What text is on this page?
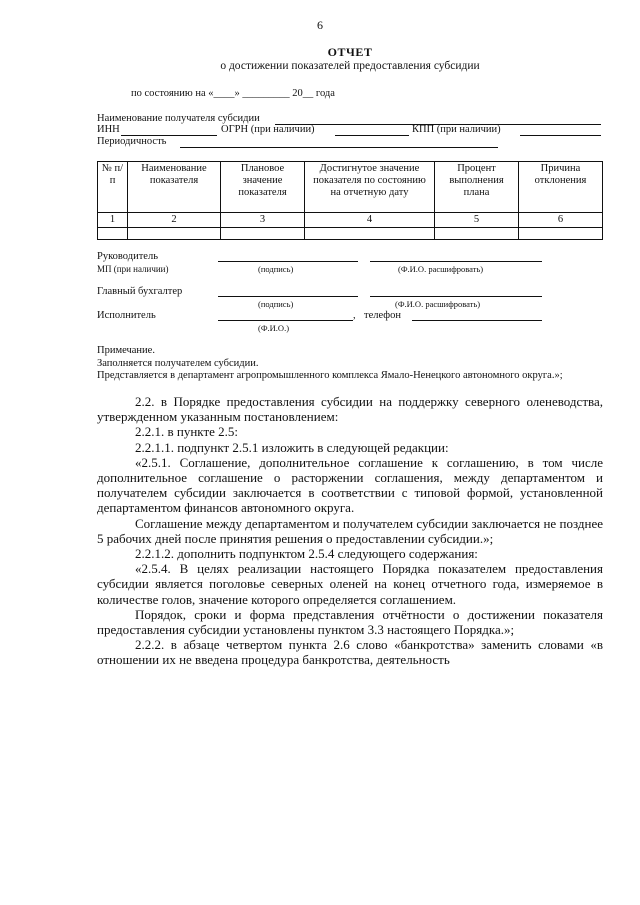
6
ОТЧЕТ
о достижении показателей предоставления субсидии
по состоянию на «____» _________ 20__ года
Наименование получателя субсидии
ИНН	ОГРН (при наличии)	КПП (при наличии)
Периодичность
№ п/п	Наименование показателя	Плановое значение показателя	Достигнутое значение показателя по состоянию на отчетную дату	Процент выполнения плана	Причина отклонения
1	2	3	4	5	6

Руководитель
МП (при наличии)	(подпись)	(Ф.И.О. расшифровать)
Главный бухгалтер
(подпись)	(Ф.И.О. расшифровать)
Исполнитель	, телефон
(Ф.И.О.)

Примечание.

Заполняется получателем субсидии.

Представляется в департамент агропромышленного комплекса Ямало-Ненецкого автономного округа.»;

2.2. в Порядке предоставления субсидии на поддержку северного оленеводства, утвержденном указанным постановлением:

2.2.1. в пункте 2.5:

2.2.1.1. подпункт 2.5.1 изложить в следующей редакции:

«2.5.1. Соглашение, дополнительное соглашение к соглашению, в том числе дополнительное соглашение о расторжении соглашения, между департаментом и получателем субсидии заключается в соответствии с типовой формой, установленной департаментом финансов автономного округа.

Соглашение между департаментом и получателем субсидии заключается не позднее 5 рабочих дней после принятия решения о предоставлении субсидии.»;

2.2.1.2. дополнить подпунктом 2.5.4 следующего содержания:

«2.5.4. В целях реализации настоящего Порядка показателем предоставления субсидии является поголовье северных оленей на конец отчетного года, измеряемое в количестве голов, значение которого определяется соглашением.

Порядок, сроки и форма представления отчётности о достижении показателя предоставления субсидии установлены пунктом 3.3 настоящего Порядка.»;

2.2.2. в абзаце четвертом пункта 2.6 слово «банкротства» заменить словами «в отношении их не введена процедура банкротства, деятельность
